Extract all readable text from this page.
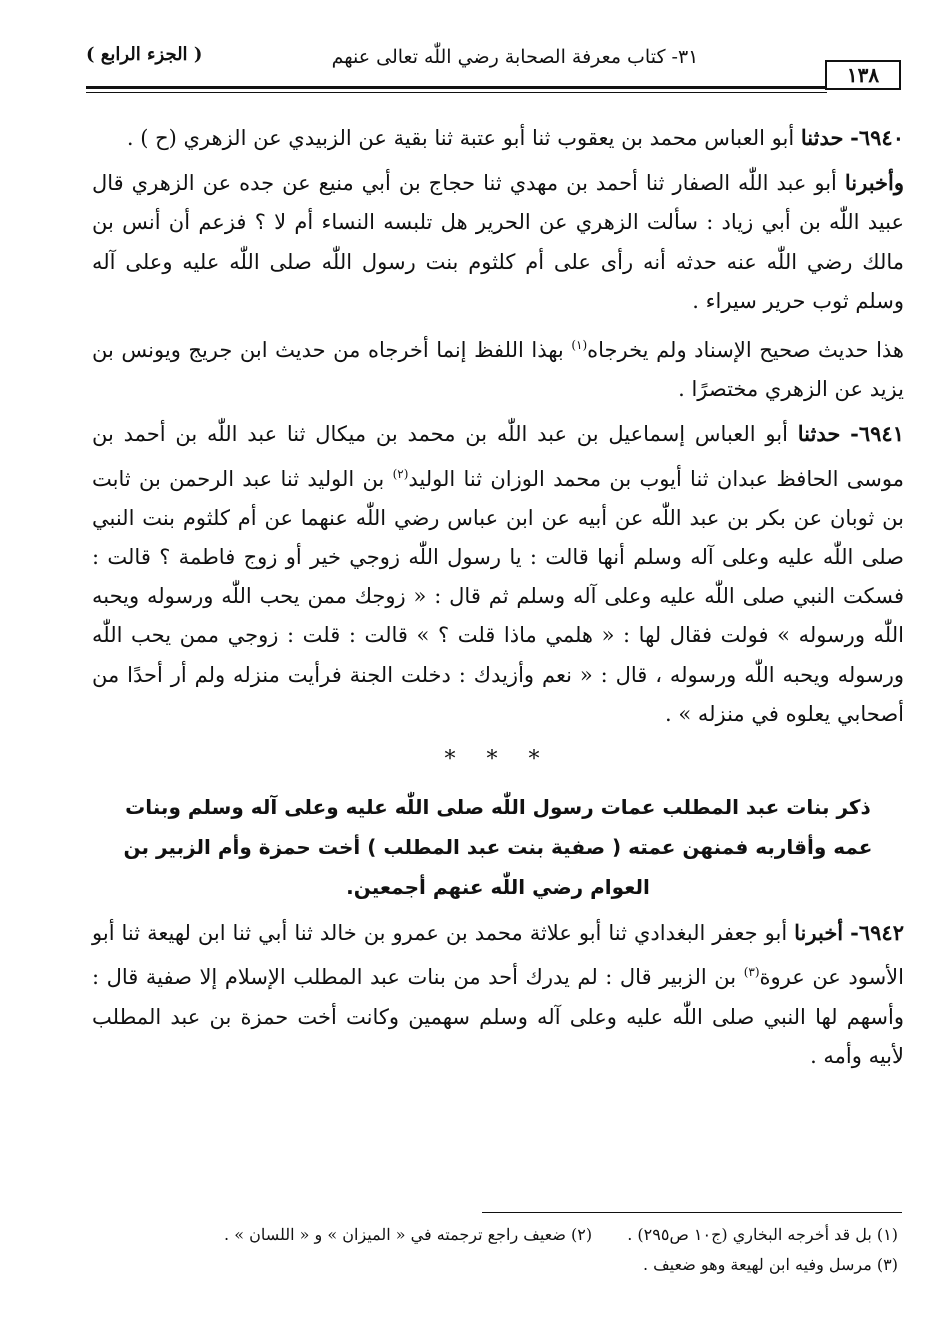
١٣٨
٣١- كتاب معرفة الصحابة رضي اللّٰه تعالى عنهم
( الجزء الرابع )

٦٩٤٠- حدثنا أبو العباس محمد بن يعقوب ثنا أبو عتبة ثنا بقية عن الزبيدي عن الزهري (ح ) .

وأخبرنا أبو عبد اللّٰه الصفار ثنا أحمد بن مهدي ثنا حجاج بن أبي منيع عن جده عن الزهري قال عبيد اللّٰه بن أبي زياد : سألت الزهري عن الحرير هل تلبسه النساء أم لا ؟ فزعم أن أنس بن مالك رضي اللّٰه عنه حدثه أنه رأى على أم كلثوم بنت رسول اللّٰه صلى اللّٰه عليه وعلى آله وسلم ثوب حرير سيراء .

هذا حديث صحيح الإسناد ولم يخرجاه$^{(١)}$ بهذا اللفظ إنما أخرجاه من حديث ابن جريج ويونس بن يزيد عن الزهري مختصرًا .

٦٩٤١- حدثنا أبو العباس إسماعيل بن عبد اللّٰه بن محمد بن ميكال ثنا عبد اللّٰه بن أحمد بن موسى الحافظ عبدان ثنا أيوب بن محمد الوزان ثنا الوليد$^{(٢)}$ بن الوليد ثنا عبد الرحمن بن ثابت بن ثوبان عن بكر بن عبد اللّٰه عن أبيه عن ابن عباس رضي اللّٰه عنهما عن أم كلثوم بنت النبي صلى اللّٰه عليه وعلى آله وسلم أنها قالت : يا رسول اللّٰه زوجي خير أو زوج فاطمة ؟ قالت : فسكت النبي صلى اللّٰه عليه وعلى آله وسلم ثم قال : « زوجك ممن يحب اللّٰه ورسوله ويحبه اللّٰه ورسوله » فولت فقال لها : « هلمي ماذا قلت ؟ » قالت : قلت : زوجي ممن يحب اللّٰه ورسوله ويحبه اللّٰه ورسوله ، قال : « نعم وأزيدك : دخلت الجنة فرأيت منزله ولم أر أحدًا من أصحابي يعلوه في منزله » .

* * *
ذكر بنات عبد المطلب عمات رسول اللّٰه صلى اللّٰه عليه وعلى آله وسلم وبنات عمه وأقاربه فمنهن عمته ( صفية بنت عبد المطلب ) أخت حمزة وأم الزبير بن العوام رضي اللّٰه عنهم أجمعين.

٦٩٤٢- أخبرنا أبو جعفر البغدادي ثنا أبو علاثة محمد بن عمرو بن خالد ثنا أبي ثنا ابن لهيعة ثنا أبو الأسود عن عروة$^{(٣)}$ بن الزبير قال : لم يدرك أحد من بنات عبد المطلب الإسلام إلا صفية قال : وأسهم لها النبي صلى اللّٰه عليه وعلى آله وسلم سهمين وكانت أخت حمزة بن عبد المطلب لأبيه وأمه .

(١) بل قد أخرجه البخاري (ج١٠ ص٢٩٥) . (٢) ضعيف راجع ترجمته في « الميزان » و « اللسان » .
(٣) مرسل وفيه ابن لهيعة وهو ضعيف .
